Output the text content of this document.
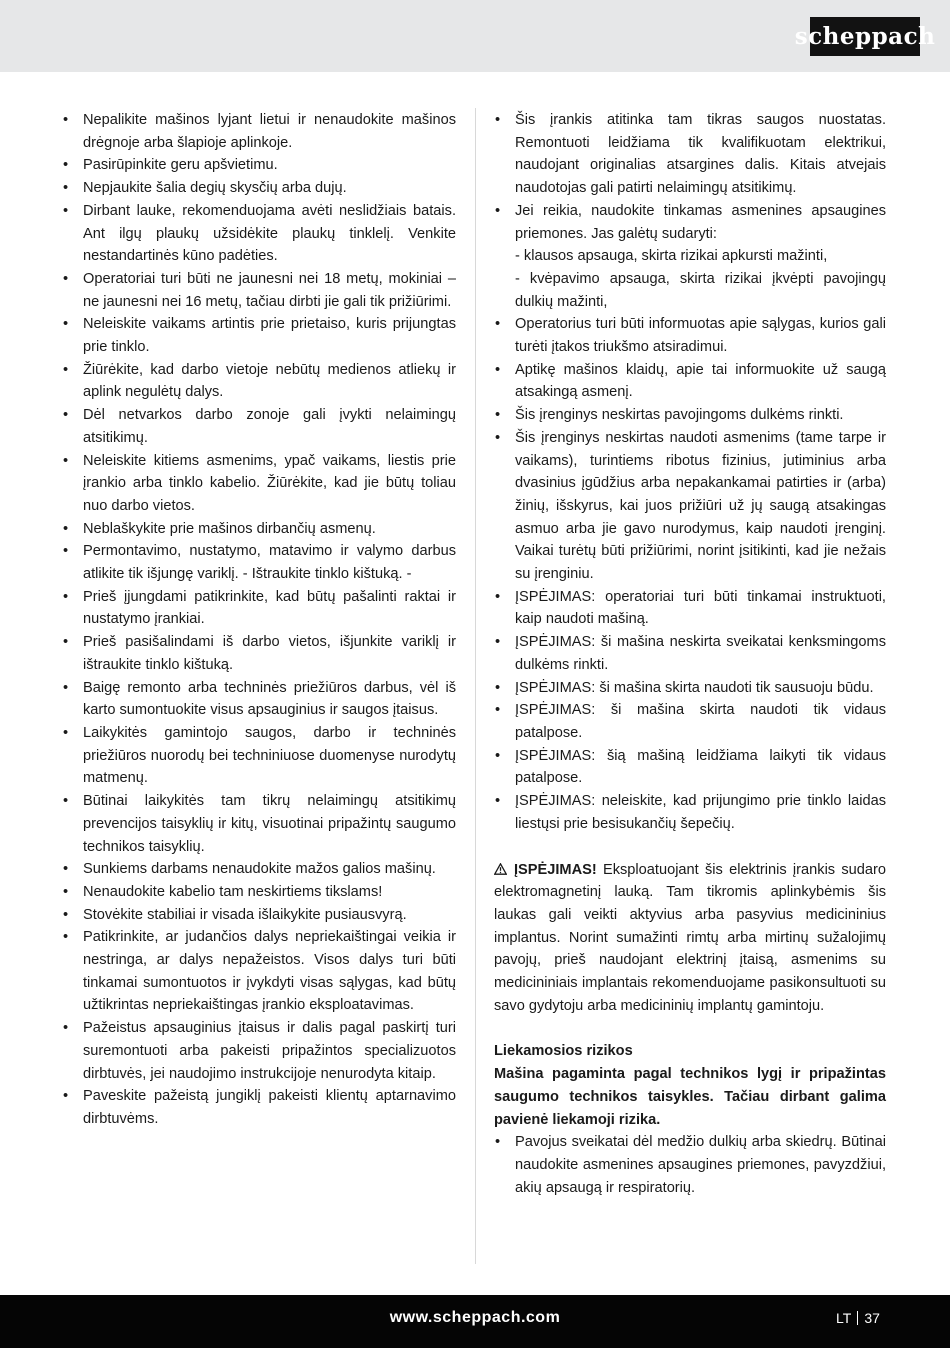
scheppach
• Nepalikite mašinos lyjant lietui ir nenaudokite mašinos drėgnoje arba šlapioje aplinkoje.
• Pasirūpinkite geru apšvietimu.
• Nepjaukite šalia degių skysčių arba dujų.
• Dirbant lauke, rekomenduojama avėti neslidžiais batais. Ant ilgų plaukų užsidėkite plaukų tinklelį. Venkite nestandartinės kūno padėties.
• Operatoriai turi būti ne jaunesni nei 18 metų, mokiniai – ne jaunesni nei 16 metų, tačiau dirbti jie gali tik prižiūrimi.
• Neleiskite vaikams artintis prie prietaiso, kuris prijungtas prie tinklo.
• Žiūrėkite, kad darbo vietoje nebūtų medienos atliekų ir aplink negulėtų dalys.
• Dėl netvarkos darbo zonoje gali įvykti nelaimingų atsitikimų.
• Neleiskite kitiems asmenims, ypač vaikams, liestis prie įrankio arba tinklo kabelio. Žiūrėkite, kad jie būtų toliau nuo darbo vietos.
• Neblaškykite prie mašinos dirbančių asmenų.
• Permontavimo, nustatymo, matavimo ir valymo darbus atlikite tik išjungę variklį. - Ištraukite tinklo kištuką. -
• Prieš įjungdami patikrinkite, kad būtų pašalinti raktai ir nustatymo įrankiai.
• Prieš pasišalindami iš darbo vietos, išjunkite variklį ir ištraukite tinklo kištuką.
• Baigę remonto arba techninės priežiūros darbus, vėl iš karto sumontuokite visus apsauginius ir saugos įtaisus.
• Laikykitės gamintojo saugos, darbo ir techninės priežiūros nuorodų bei techniniuose duomenyse nurodytų matmenų.
• Būtinai laikykitės tam tikrų nelaimingų atsitikimų prevencijos taisyklių ir kitų, visuotinai pripažintų saugumo technikos taisyklių.
• Sunkiems darbams nenaudokite mažos galios mašinų.
• Nenaudokite kabelio tam neskirtiems tikslams!
• Stovėkite stabiliai ir visada išlaikykite pusiausvyrą.
• Patikrinkite, ar judančios dalys nepriekaištingai veikia ir nestringa, ar dalys nepažeistos. Visos dalys turi būti tinkamai sumontuotos ir įvykdyti visas sąlygas, kad būtų užtikrintas nepriekaištingas įrankio eksploatavimas.
• Pažeistus apsauginius įtaisus ir dalis pagal paskirtį turi suremontuoti arba pakeisti pripažintos specializuotos dirbtuvės, jei naudojimo instrukcijoje nenurodyta kitaip.
• Paveskite pažeistą jungiklį pakeisti klientų aptarnavimo dirbtuvėms.
• Šis įrankis atitinka tam tikras saugos nuostatas. Remontuoti leidžiama tik kvalifikuotam elektrikui, naudojant originalias atsargines dalis. Kitais atvejais naudotojas gali patirti nelaimingų atsitikimų.
• Jei reikia, naudokite tinkamas asmenines apsaugines priemones. Jas galėtų sudaryti:
- klausos apsauga, skirta rizikai apkursti mažinti,
- kvėpavimo apsauga, skirta rizikai įkvėpti pavojingų dulkių mažinti,
• Operatorius turi būti informuotas apie sąlygas, kurios gali turėti įtakos triukšmo atsiradimui.
• Aptikę mašinos klaidų, apie tai informuokite už saugą atsakingą asmenį.
• Šis įrenginys neskirtas pavojingoms dulkėms rinkti.
• Šis įrenginys neskirtas naudoti asmenims (tame tarpe ir vaikams), turintiems ribotus fizinius, jutiminius arba dvasinius įgūdžius arba nepakankamai patirties ir (arba) žinių, išskyrus, kai juos prižiūri už jų saugą atsakingas asmuo arba jie gavo nurodymus, kaip naudoti įrenginį. Vaikai turėtų būti prižiūrimi, norint įsitikinti, kad jie nežais su įrenginiu.
• ĮSPĖJIMAS: operatoriai turi būti tinkamai instruktuoti, kaip naudoti mašiną.
• ĮSPĖJIMAS: ši mašina neskirta sveikatai kenksmingoms dulkėms rinkti.
• ĮSPĖJIMAS: ši mašina skirta naudoti tik sausuoju būdu.
• ĮSPĖJIMAS: ši mašina skirta naudoti tik vidaus patalpose.
• ĮSPĖJIMAS: šią mašiną leidžiama laikyti tik vidaus patalpose.
• ĮSPĖJIMAS: neleiskite, kad prijungimo prie tinklo laidas liestųsi prie besisukančių šepečių.

ĮSPĖJIMAS! Eksploatuojant šis elektrinis įrankis sudaro elektromagnetinį lauką. Tam tikromis aplinkybėmis šis laukas gali veikti aktyvius arba pasyvius medicininius implantus. Norint sumažinti rimtų arba mirtinų sužalojimų pavojų, prieš naudojant elektrinį įtaisą, asmenims su medicininiais implantais rekomenduojame pasikonsultuoti su savo gydytoju arba medicininių implantų gamintoju.

Liekamosios rizikos

Mašina pagaminta pagal technikos lygį ir pripažintas saugumo technikos taisykles. Tačiau dirbant galima pavienė liekamoji rizika.

• Pavojus sveikatai dėl medžio dulkių arba skiedrų. Būtinai naudokite asmenines apsaugines priemones, pavyzdžiui, akių apsaugą ir respiratorių.
www.scheppach.com	LT 37
